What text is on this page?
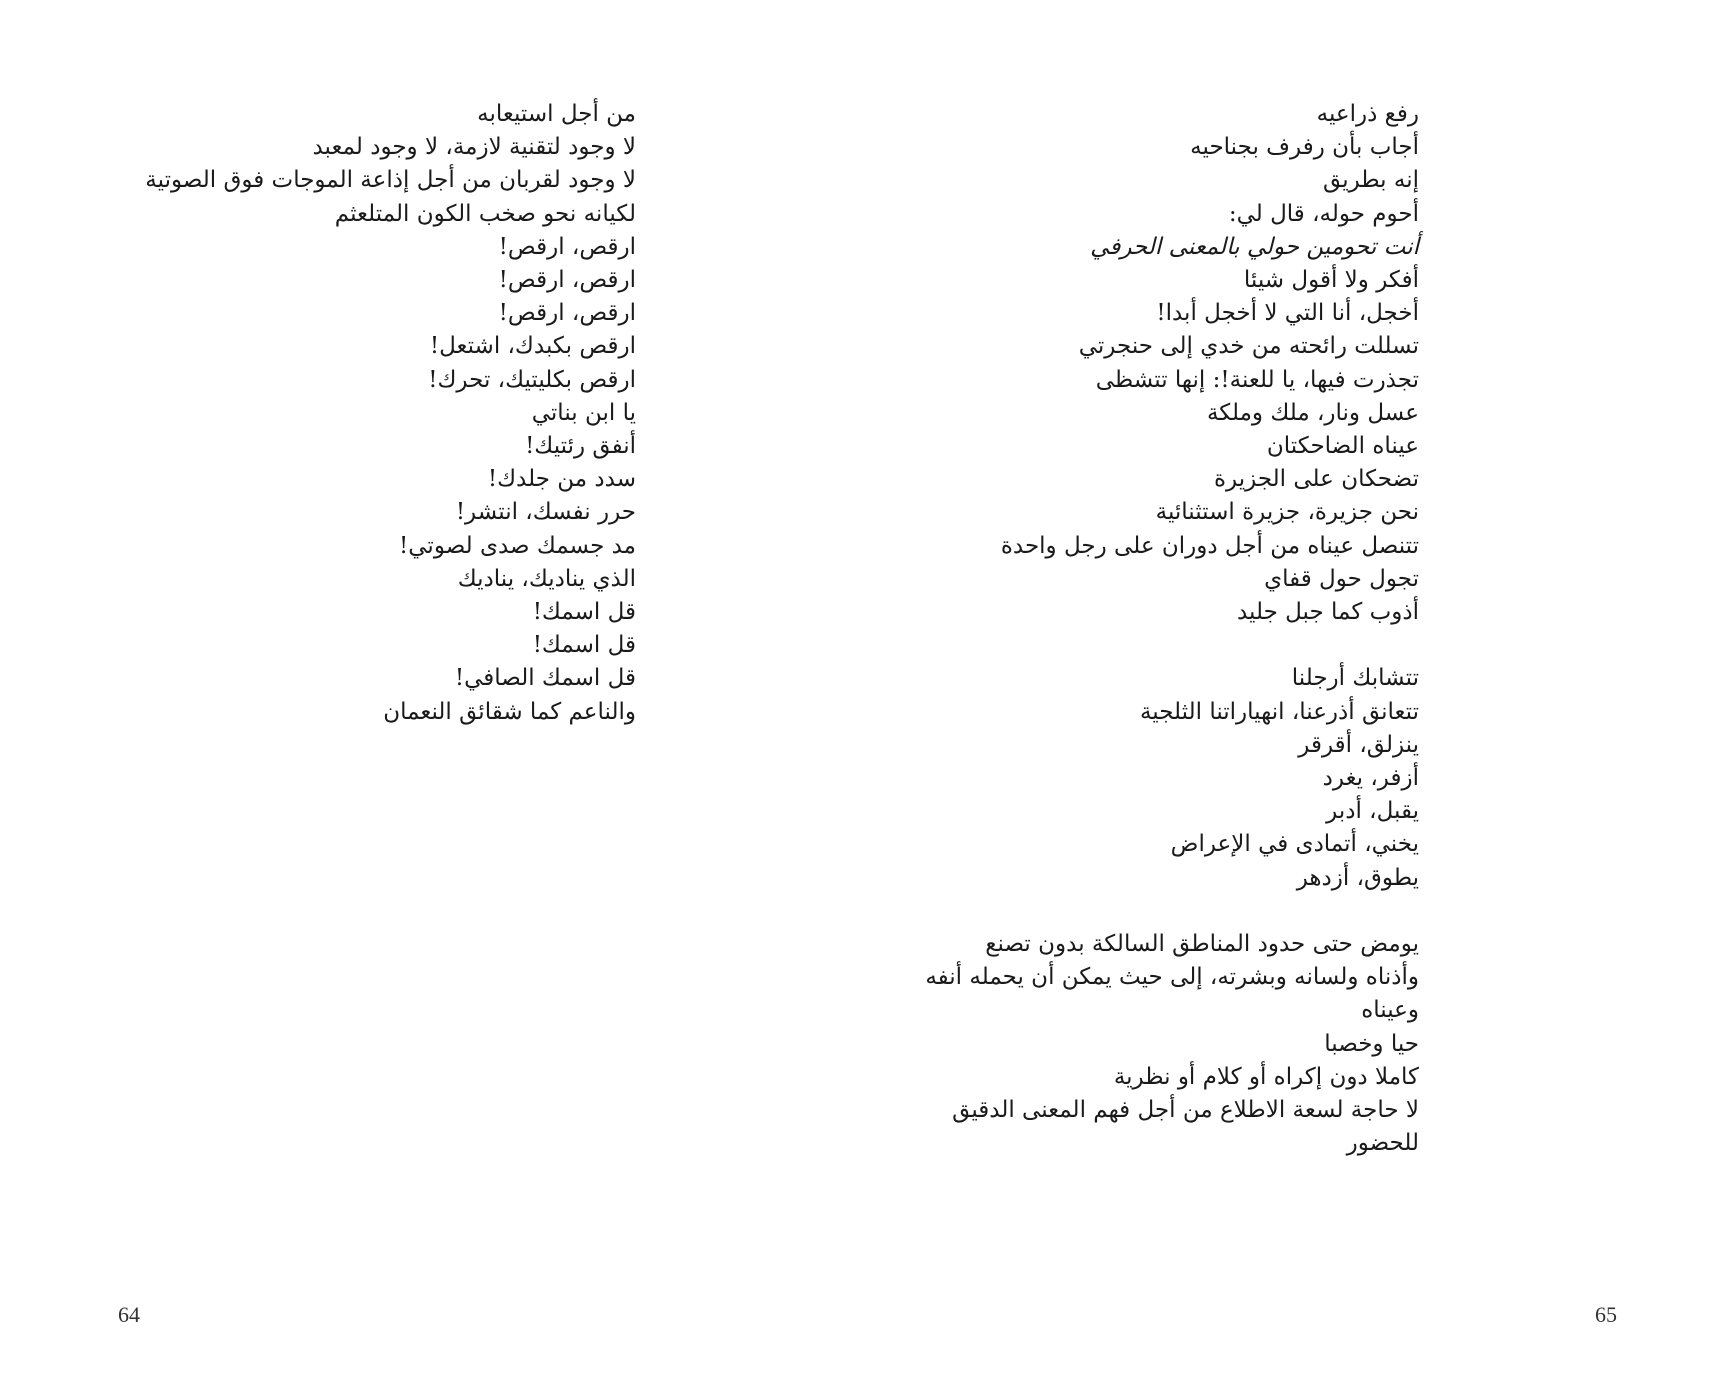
من أجل استيعابه
لا وجود لتقنية لازمة، لا وجود لمعبد
لا وجود لقربان من أجل إذاعة الموجات فوق الصوتية
لكيانه نحو صخب الكون المتلعثم
ارقص، ارقص!
ارقص، ارقص!
ارقص، ارقص!
ارقص بكبدك، اشتعل!
ارقص بكليتيك، تحرك!
يا ابن بناتي
أنفق رئتيك!
سدد من جلدك!
حرر نفسك، انتشر!
مد جسمك صدى لصوتي!
الذي يناديك، يناديك
قل اسمك!
قل اسمك!
قل اسمك الصافي!
والناعم كما شقائق النعمان
64
رفع ذراعيه
أجاب بأن رفرف بجناحيه
إنه بطريق
أحوم حوله، قال لي:
أنت تحومين حولي بالمعنى الحرفي
أفكر ولا أقول شيئا
أخجل، أنا التي لا أخجل أبدا!
تسللت رائحته من خدي إلى حنجرتي
تجذرت فيها، يا للعنة!: إنها تتشظى
عسل ونار، ملك وملكة
عيناه الضاحكتان
تضحكان على الجزيرة
نحن جزيرة، جزيرة استثنائية
تتنصل عيناه من أجل دوران على رجل واحدة
تجول حول قفاي
أذوب كما جبل جليد
تتشابك أرجلنا
تتعانق أذرعنا، انهياراتنا الثلجية
ينزلق، أقرقر
أزفر، يغرد
يقبل، أدبر
يخني، أتمادى في الإعراض
يطوق، أزدهر
يومض حتى حدود المناطق السالكة بدون تصنع
وأذناه ولسانه وبشرته، إلى حيث يمكن أن يحمله أنفه
وعيناه
حيا وخصبا
كاملا دون إكراه أو كلام أو نظرية
لا حاجة لسعة الاطلاع من أجل فهم المعنى الدقيق
للحضور
65
